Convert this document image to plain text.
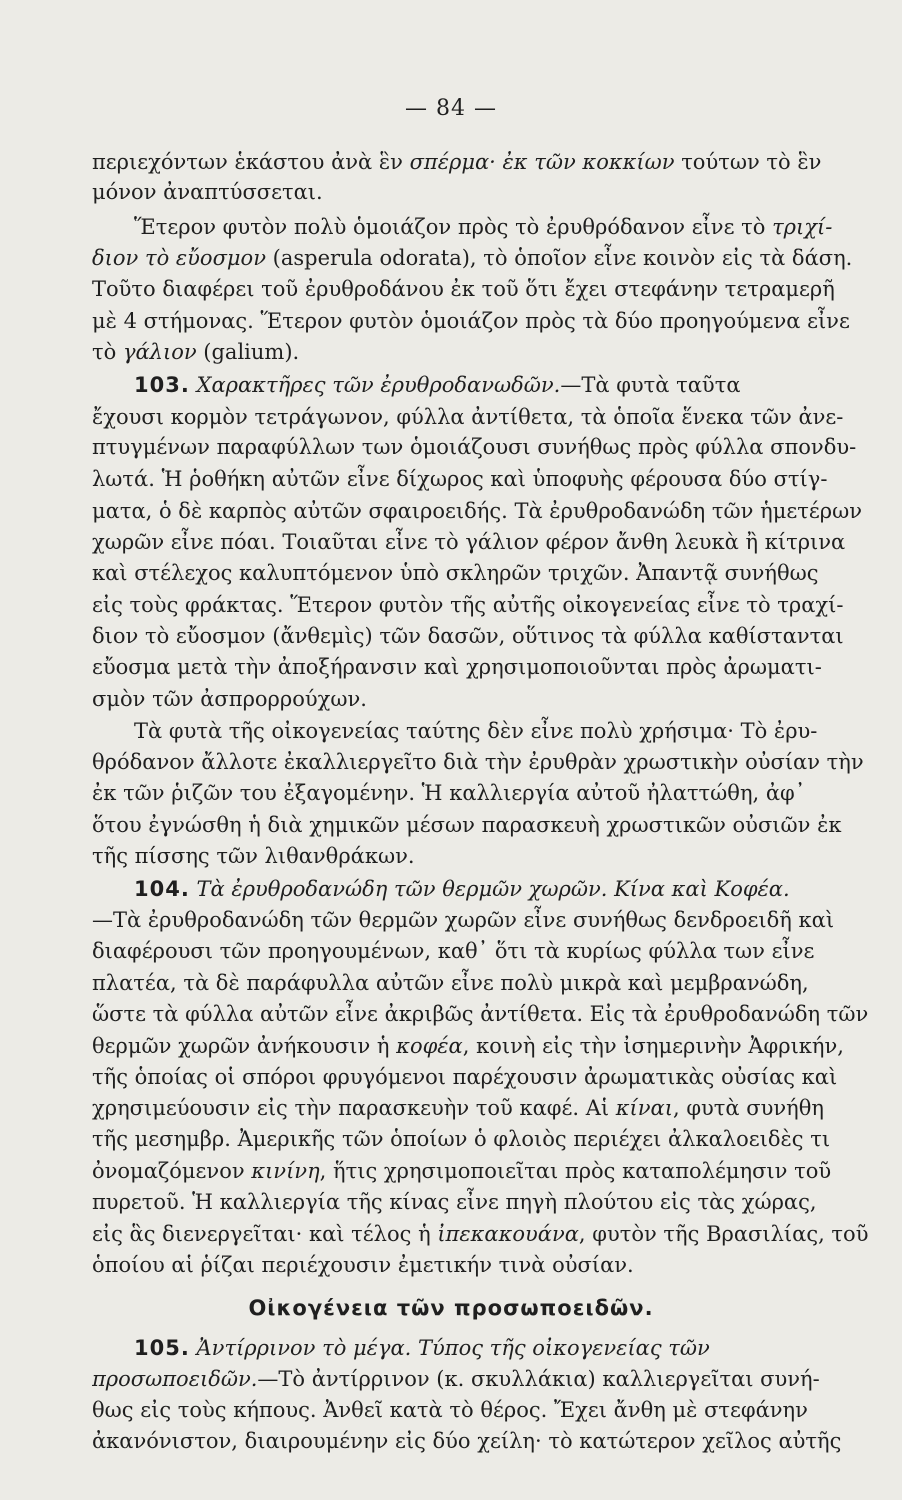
— 84 —
περιεχόντων ἑκάστου ἀνὰ ἓν σπέρμα· ἐκ τῶν κοκκίων τούτων τὸ ἓν
μόνον ἀναπτύσσεται.
  Ἕτερον φυτὸν πολὺ ὁμοιάζον πρὸς τὸ ἐρυθρόδανον εἶνε τὸ τριχί-
διον τὸ εὔοσμον (asperula odorata), τὸ ὁποῖον εἶνε κοινὸν εἰς τὰ δάση.
Τοῦτο διαφέρει τοῦ ἐρυθροδάνου ἐκ τοῦ ὅτι ἔχει στεφάνην τετραμερῆ
μὲ 4 στήμονας. Ἕτερον φυτὸν ὁμοιάζον πρὸς τὰ δύο προηγούμενα εἶνε
τὸ γάλιον (galium).
  103. Χαρακτῆρες τῶν ἐρυθροδανωδῶν.—Τὰ φυτὰ ταῦτα
ἔχουσι κορμὸν τετράγωνον, φύλλα ἀντίθετα, τὰ ὁποῖα ἕνεκα τῶν ἀνε-
πτυγμένων παραφύλλων των ὁμοιάζουσι συνήθως πρὸς φύλλα σπονδυ-
λωτά. Ἡ ῥοθήκη αὐτῶν εἶνε δίχωρος καὶ ὑποφυὴς φέρουσα δύο στίγ-
ματα, ὁ δὲ καρπὸς αὐτῶν σφαιροειδής. Τὰ ἐρυθροδανώδη τῶν ἡμετέρων
χωρῶν εἶνε πόαι. Τοιαῦται εἶνε τὸ γάλιον φέρον ἄνθη λευκὰ ἢ κίτρινα
καὶ στέλεχος καλυπτόμενον ὑπὸ σκληρῶν τριχῶν. Ἀπαντᾷ συνήθως
εἰς τοὺς φράκτας. Ἕτερον φυτὸν τῆς αὐτῆς οἰκογενείας εἶνε τὸ τραχί-
διον τὸ εὔοσμον (ἄνθεμὶς) τῶν δασῶν, οὕτινος τὰ φύλλα καθίστανται
εὔοσμα μετὰ τὴν ἀποξήρανσιν καὶ χρησιμοποιοῦνται πρὸς ἀρωματι-
σμὸν τῶν ἀσπρορρούχων.
  Τὰ φυτὰ τῆς οἰκογενείας ταύτης δὲν εἶνε πολὺ χρήσιμα· Τὸ ἐρυ-
θρόδανον ἄλλοτε ἐκαλλιεργεῖτο διὰ τὴν ἐρυθρὰν χρωστικὴν οὐσίαν τὴν
ἐκ τῶν ῥιζῶν του ἐξαγομένην. Ἡ καλλιεργία αὐτοῦ ἠλαττώθη, ἀφ᾽
ὅτου ἐγνώσθη ἡ διὰ χημικῶν μέσων παρασκευὴ χρωστικῶν οὐσιῶν ἐκ
τῆς πίσσης τῶν λιθανθράκων.
  104. Τὰ ἐρυθροδανώδη τῶν θερμῶν χωρῶν. Κίνα καὶ Κοφέα.
—Τὰ ἐρυθροδανώδη τῶν θερμῶν χωρῶν εἶνε συνήθως δενδροειδῆ καὶ
διαφέρουσι τῶν προηγουμένων, καθ᾽ ὅτι τὰ κυρίως φύλλα των εἶνε
πλατέα, τὰ δὲ παράφυλλα αὐτῶν εἶνε πολὺ μικρὰ καὶ μεμβρανώδη,
ὥστε τὰ φύλλα αὐτῶν εἶνε ἀκριβῶς ἀντίθετα. Εἰς τὰ ἐρυθροδανώδη τῶν
θερμῶν χωρῶν ἀνήκουσιν ἡ κοφέα, κοινὴ εἰς τὴν ἰσημερινὴν Ἀφρικήν,
τῆς ὁποίας οἱ σπόροι φρυγόμενοι παρέχουσιν ἀρωματικὰς οὐσίας καὶ
χρησιμεύουσιν εἰς τὴν παρασκευὴν τοῦ καφέ. Αἱ κίναι, φυτὰ συνήθη
τῆς μεσημβρ. Ἀμερικῆς τῶν ὁποίων ὁ φλοιὸς περιέχει ἀλκαλοειδὲς τι
ὀνομαζόμενον κινίνη, ἥτις χρησιμοποιεῖται πρὸς καταπολέμησιν τοῦ
πυρετοῦ. Ἡ καλλιεργία τῆς κίνας εἶνε πηγὴ πλούτου εἰς τὰς χώρας,
εἰς ἃς διενεργεῖται· καὶ τέλος ἡ ἰπεκακουάνα, φυτὸν τῆς Βρασιλίας, τοῦ
ὁποίου αἱ ῥίζαι περιέχουσιν ἐμετικήν τινὰ οὐσίαν.
Οἰκογένεια τῶν προσωποειδῶν.
  105. Ἀντίρρινον τὸ μέγα. Τύπος τῆς οἰκογενείας τῶν
προσωποειδῶν.—Τὸ ἀντίρρινον (κ. σκυλλάκια) καλλιεργεῖται συνή-
θως εἰς τοὺς κήπους. Ἀνθεῖ κατὰ τὸ θέρος. Ἔχει ἄνθη μὲ στεφάνην
ἀκανόνιστον, διαιρουμένην εἰς δύο χείλη· τὸ κατώτερον χεῖλος αὐτῆς
